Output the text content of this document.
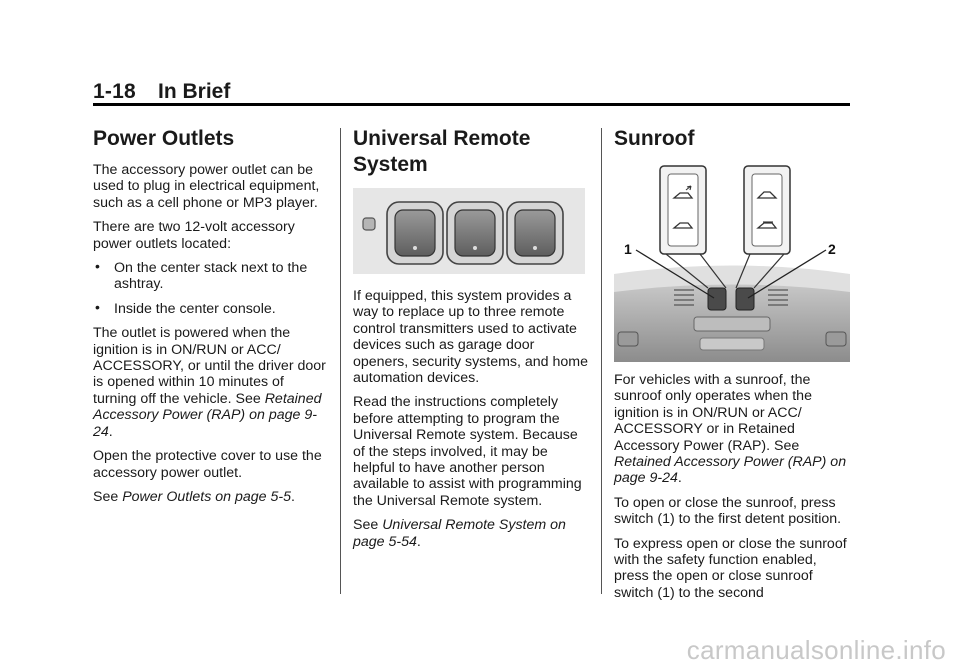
1-18 In Brief
Power Outlets

The accessory power outlet can be used to plug in electrical equipment, such as a cell phone or MP3 player.

There are two 12-volt accessory power outlets located:

• On the center stack next to the ashtray.
• Inside the center console.

The outlet is powered when the ignition is in ON/RUN or ACC/ ACCESSORY, or until the driver door is opened within 10 minutes of turning off the vehicle. See Retained Accessory Power (RAP) on page 9-24.

Open the protective cover to use the accessory power outlet.

See Power Outlets on page 5-5.

Universal Remote System

If equipped, this system provides a way to replace up to three remote control transmitters used to activate devices such as garage door openers, security systems, and home automation devices.

Read the instructions completely before attempting to program the Universal Remote system. Because of the steps involved, it may be helpful to have another person available to assist with programming the Universal Remote system.

See Universal Remote System on page 5-54.

Sunroof
1	2

For vehicles with a sunroof, the sunroof only operates when the ignition is in ON/RUN or ACC/ ACCESSORY or in Retained Accessory Power (RAP). See Retained Accessory Power (RAP) on page 9-24.

To open or close the sunroof, press switch (1) to the first detent position.

To express open or close the sunroof with the safety function enabled, press the open or close sunroof switch (1) to the second

carmanualsonline.info
